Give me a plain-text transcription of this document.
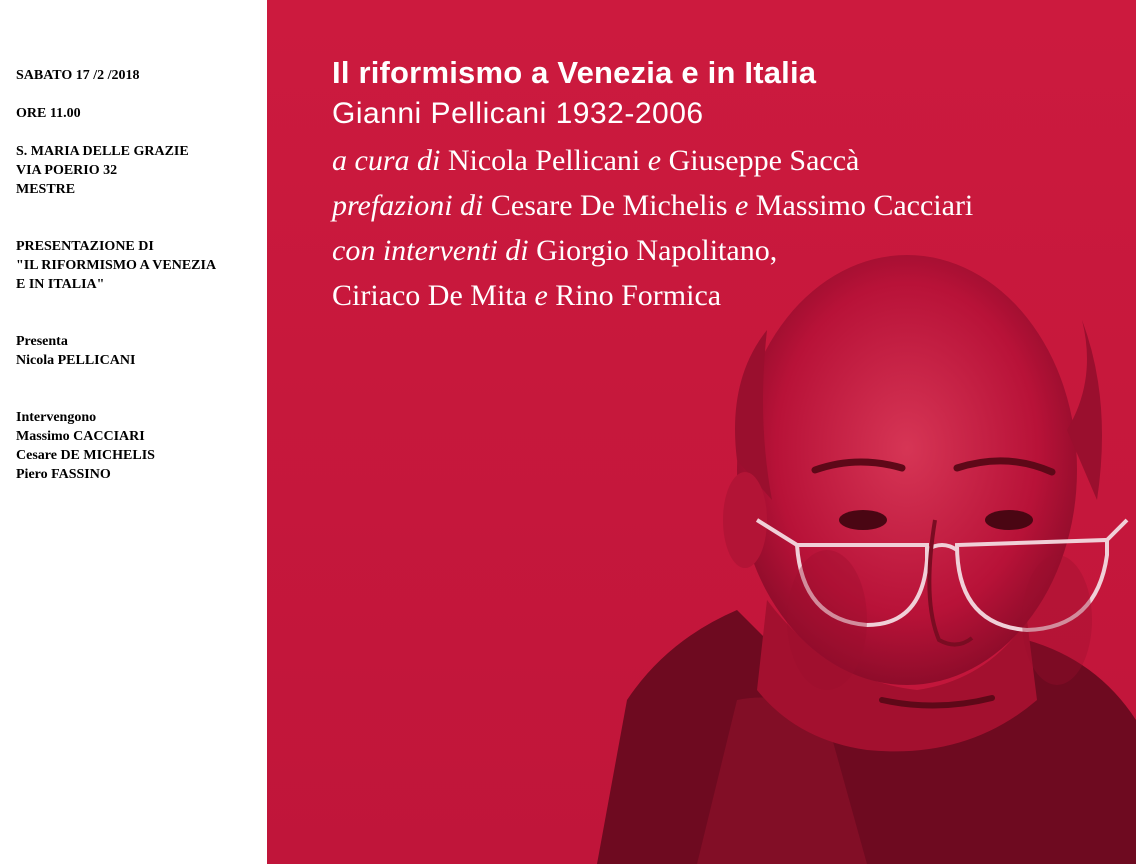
SABATO 17 /2 /2018
ORE 11.00
S. MARIA DELLE GRAZIE
VIA POERIO 32
MESTRE
PRESENTAZIONE DI
"IL RIFORMISMO A VENEZIA
E IN ITALIA"
Presenta
Nicola PELLICANI
Intervengono
Massimo CACCIARI
Cesare DE MICHELIS
Piero FASSINO
Il riformismo a Venezia e in Italia
Gianni Pellicani 1932-2006
a cura di Nicola Pellicani e Giuseppe Saccà
prefazioni di Cesare De Michelis e Massimo Cacciari
con interventi di Giorgio Napolitano,
Ciriaco De Mita e Rino Formica
